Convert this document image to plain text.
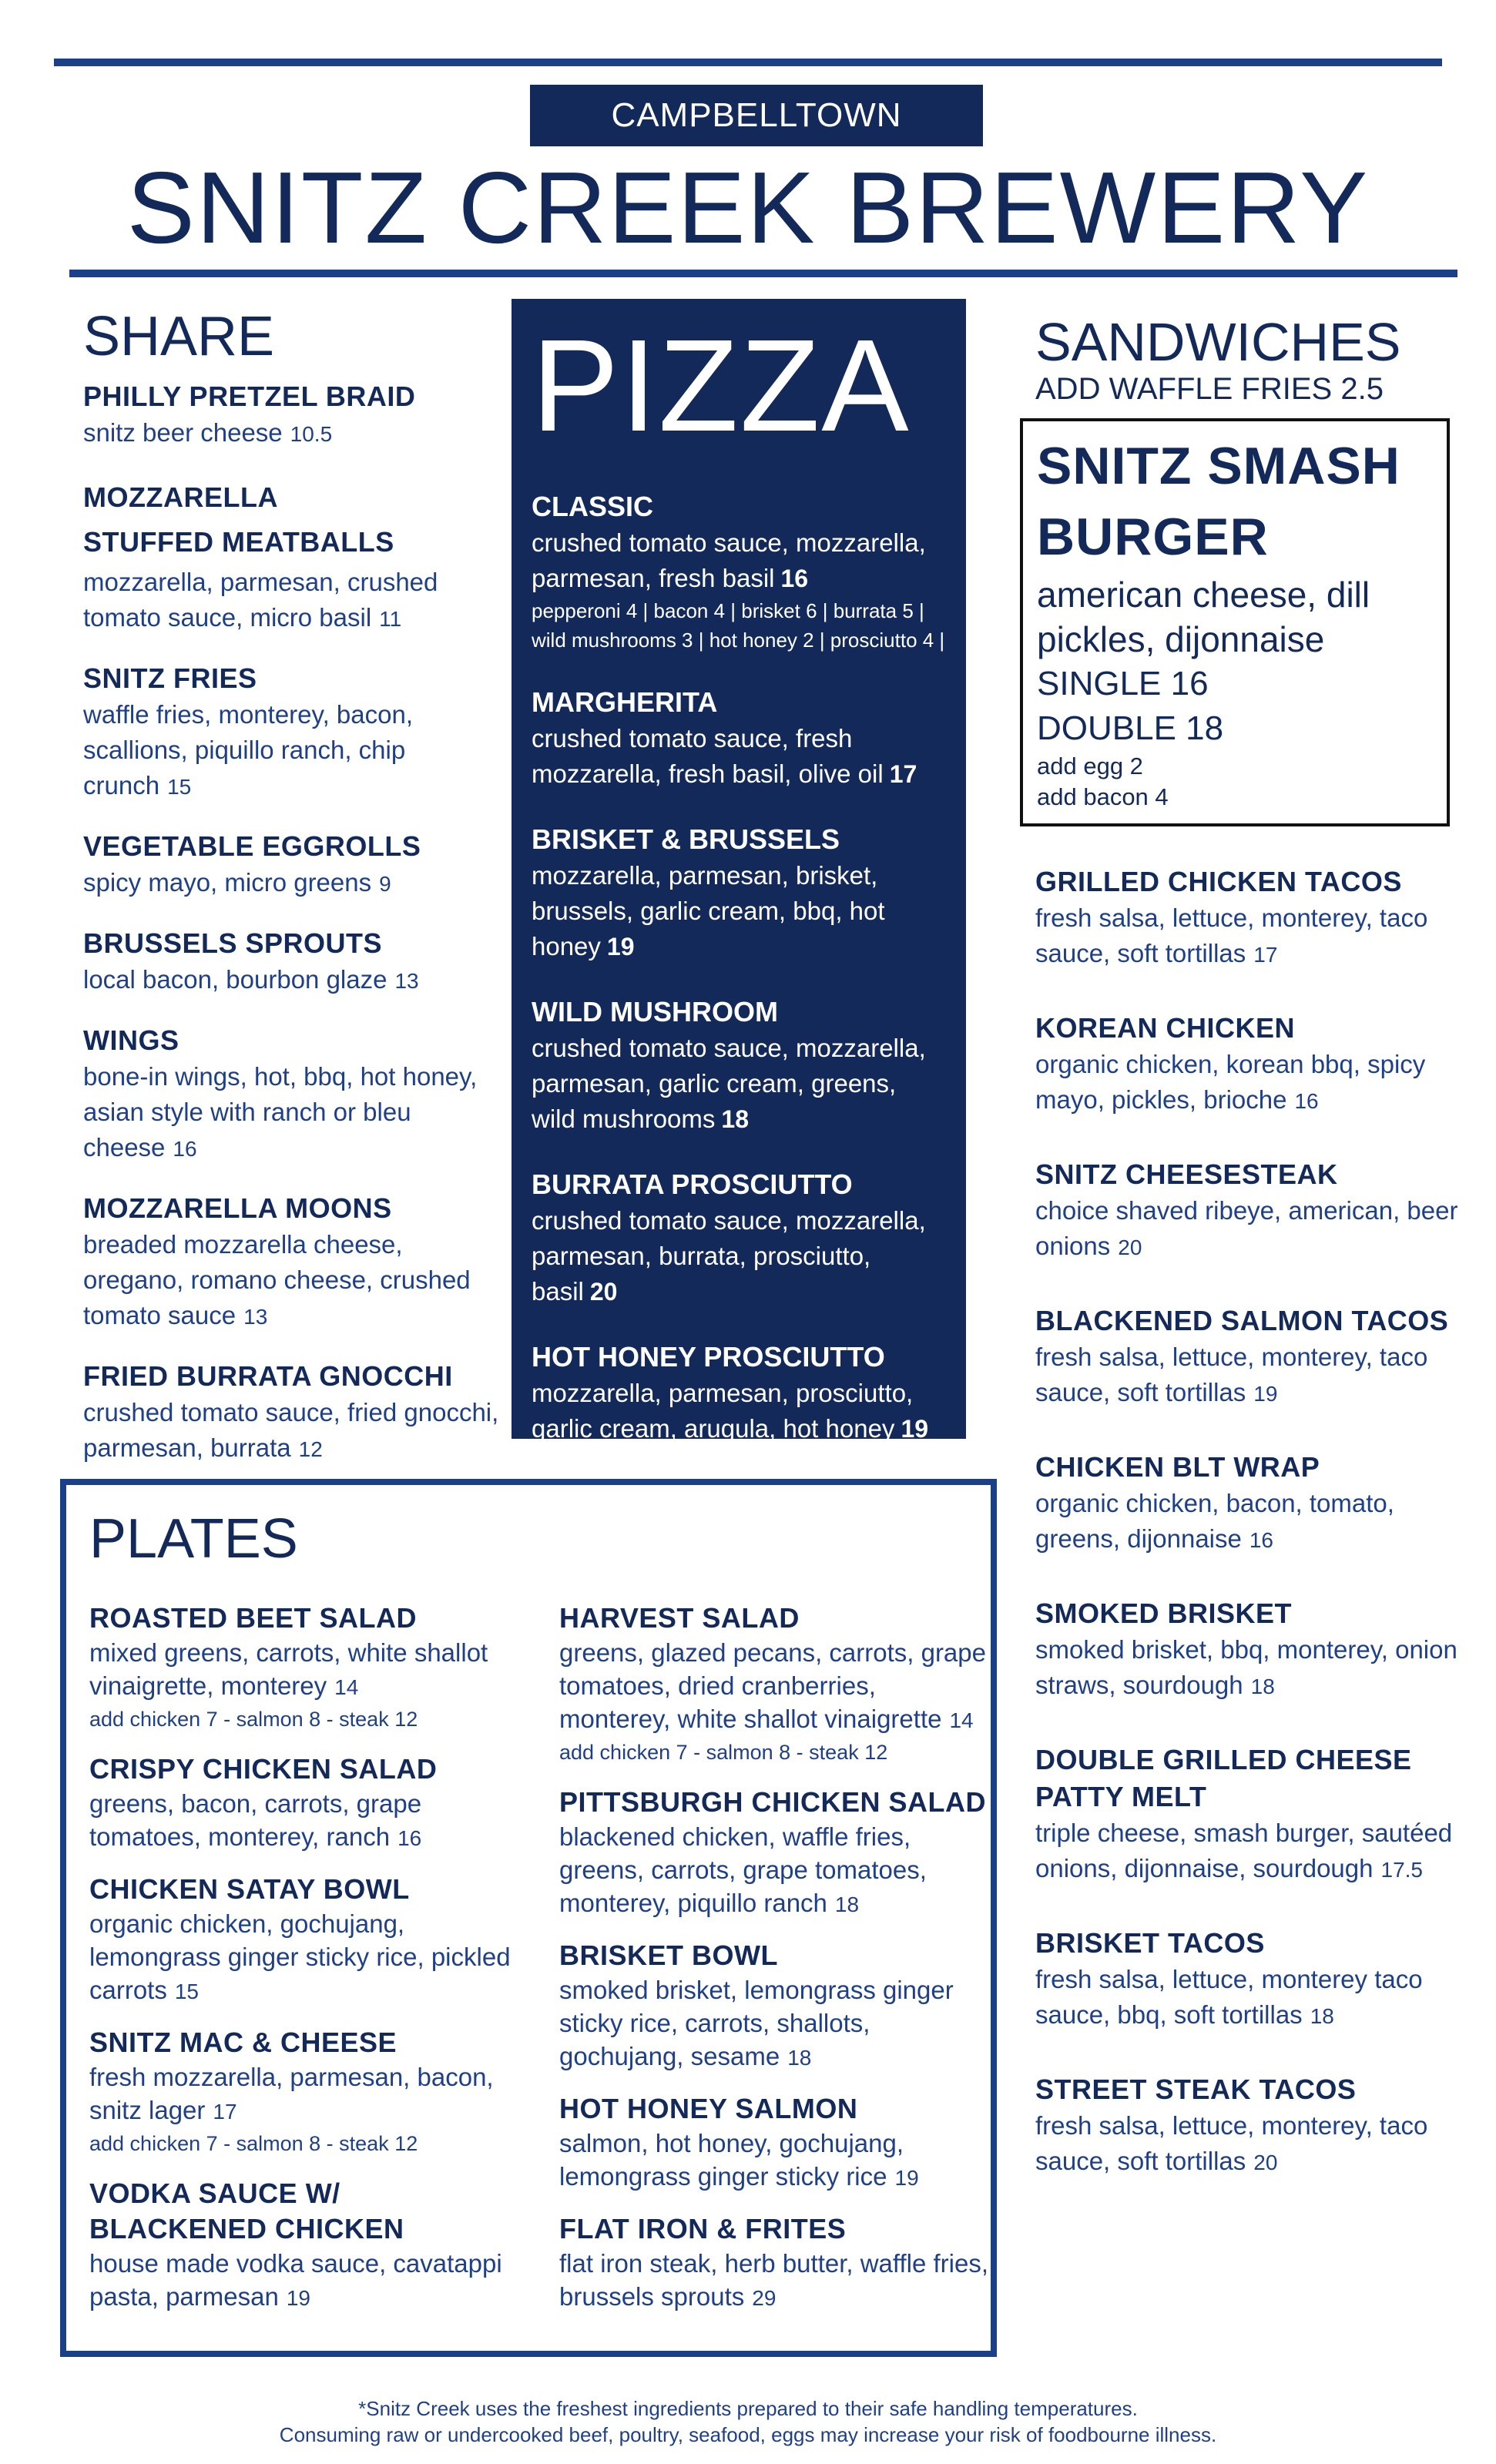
CAMPBELLTOWN
SNITZ CREEK BREWERY
SHARE
PHILLY PRETZEL BRAID
snitz beer cheese 10.5
MOZZARELLA
STUFFED MEATBALLS
mozzarella, parmesan, crushed tomato sauce, micro basil 11
SNITZ FRIES
waffle fries, monterey, bacon, scallions, piquillo ranch, chip crunch 15
VEGETABLE EGGROLLS
spicy mayo, micro greens 9
BRUSSELS SPROUTS
local bacon, bourbon glaze 13
WINGS
bone-in wings, hot, bbq, hot honey, asian style with ranch or bleu cheese 16
MOZZARELLA MOONS
breaded mozzarella cheese, oregano, romano cheese, crushed tomato sauce 13
FRIED BURRATA GNOCCHI
crushed tomato sauce, fried gnocchi, parmesan, burrata 12
PIZZA
CLASSIC
crushed tomato sauce, mozzarella, parmesan, fresh basil 16
pepperoni 4 | bacon 4 | brisket 6 | burrata 5 | wild mushrooms 3 | hot honey 2 | prosciutto 4 |
MARGHERITA
crushed tomato sauce, fresh mozzarella, fresh basil, olive oil 17
BRISKET & BRUSSELS
mozzarella, parmesan, brisket, brussels, garlic cream, bbq, hot honey 19
WILD MUSHROOM
crushed tomato sauce, mozzarella, parmesan, garlic cream, greens, wild mushrooms 18
BURRATA PROSCIUTTO
crushed tomato sauce, mozzarella, parmesan, burrata, prosciutto, basil 20
HOT HONEY PROSCIUTTO
mozzarella, parmesan, prosciutto, garlic cream, arugula, hot honey 19
SANDWICHES
ADD WAFFLE FRIES 2.5
SNITZ SMASH BURGER
american cheese, dill pickles, dijonnaise
SINGLE 16
DOUBLE 18
add egg 2
add bacon 4
GRILLED CHICKEN TACOS
fresh salsa, lettuce, monterey, taco sauce, soft tortillas 17
KOREAN CHICKEN
organic chicken, korean bbq, spicy mayo, pickles, brioche 16
SNITZ CHEESESTEAK
choice shaved ribeye, american, beer onions 20
BLACKENED SALMON TACOS
fresh salsa, lettuce, monterey, taco sauce, soft tortillas 19
CHICKEN BLT WRAP
organic chicken, bacon, tomato, greens, dijonnaise 16
SMOKED BRISKET
smoked brisket, bbq, monterey, onion straws, sourdough 18
DOUBLE GRILLED CHEESE PATTY MELT
triple cheese, smash burger, sautéed onions, dijonnaise, sourdough 17.5
BRISKET TACOS
fresh salsa, lettuce, monterey taco sauce, bbq, soft tortillas 18
STREET STEAK TACOS
fresh salsa, lettuce, monterey, taco sauce, soft tortillas 20
PLATES
ROASTED BEET SALAD
mixed greens, carrots, white shallot vinaigrette, monterey 14
add chicken 7 - salmon 8 - steak 12
CRISPY CHICKEN SALAD
greens, bacon, carrots, grape tomatoes, monterey, ranch 16
CHICKEN SATAY BOWL
organic chicken, gochujang, lemongrass ginger sticky rice, pickled carrots 15
SNITZ MAC & CHEESE
fresh mozzarella, parmesan, bacon, snitz lager 17
add chicken 7 - salmon 8 - steak 12
VODKA SAUCE W/ BLACKENED CHICKEN
house made vodka sauce, cavatappi pasta, parmesan 19
HARVEST SALAD
greens, glazed pecans, carrots, grape tomatoes, dried cranberries, monterey, white shallot vinaigrette 14
add chicken 7 - salmon 8 - steak 12
PITTSBURGH CHICKEN SALAD
blackened chicken, waffle fries, greens, carrots, grape tomatoes, monterey, piquillo ranch 18
BRISKET BOWL
smoked brisket, lemongrass ginger sticky rice, carrots, shallots, gochujang, sesame 18
HOT HONEY SALMON
salmon, hot honey, gochujang, lemongrass ginger sticky rice 19
FLAT IRON & FRITES
flat iron steak, herb butter, waffle fries, brussels sprouts 29
*Snitz Creek uses the freshest ingredients prepared to their safe handling temperatures.
Consuming raw or undercooked beef, poultry, seafood, eggs may increase your risk of foodbourne illness.
